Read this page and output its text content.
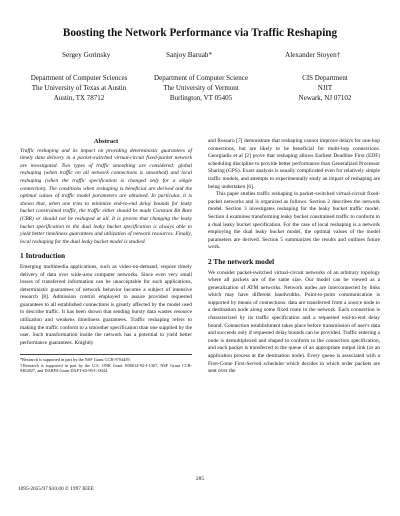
Boosting the Network Performance via Traffic Reshaping
Sergey Gorinsky	Sanjoy Baruah*	Alexander Stoyen†
Department of Computer Sciences
The University of Texas at Austin
Austin, TX 78712
Department of Computer Science
The University of Vermont
Burlington, VT 05405
CIS Department
NJIT
Newark, NJ 07102
Abstract

Traffic reshaping and its impact on providing deterministic guarantees of timely data delivery in a packet-switched virtual-circuit fixed-packet network are investigated. Two types of traffic smoothing are considered: global reshaping (when traffic on all network connections is smoothed) and local reshaping (when the traffic specification is changed only for a single connection). The conditions when reshaping is beneficial are derived and the optimal values of traffic model parameters are obtained. In particular, it is shown that, when one tries to minimize end-to-end delay bounds for leaky bucket constrained traffic, the traffic either should be made Constant Bit Rate (CBR) or should not be reshaped at all. It is proven that changing the leaky bucket specification to the dual leaky bucket specification is always able to yield better timeliness guarantees and utilization of network resources. Finally, local reshaping for the dual leaky bucket model is studied.

1 Introduction

Emerging multimedia applications, such as video-on-demand, require timely delivery of data over wide-area computer networks. Since even very small losses of transferred information can be unacceptable for such applications, deterministic guarantees of network behavior become a subject of intensive research [8]. Admission control employed to assure provided requested guarantees to all established connections is greatly affected by the model used to describe traffic. It has been shown that sending bursty data wastes resource utilization and weakens timeliness guarantees. Traffic reshaping refers to making the traffic conform to a smoother specification than one supplied by the user. Such transformation inside the network has a potential to yield better performance guarantees. Knightly

*Research is supported in part by the NSF Grant CCR-9704459.

†Research is supported in part by the U.S. ONR Grant N00014-92-J-1367, NSF Grant CCR-9402827, and DARPA Grant DAFT-63-96-C-0044.

and Rossaro [7] demonstrate that reshaping cannot improve delays for one-hop connections, but are likely to be beneficial for multi-hop connections. Georgiadis et al [2] prove that reshaping allows Earliest Deadline First (EDF) scheduling discipline to provide better performance than Generalized Processor Sharing (GPS). Exact analysis is usually complicated even for relatively simple traffic models, and attempts to experimentally study an impact of reshaping are being undertaken [6].

This paper studies traffic reshaping in packet-switched virtual-circuit fixed-packet networks and is organized as follows. Section 2 describes the network model. Section 3 investigates reshaping for the leaky bucket traffic model. Section 4 examines transforming leaky bucket constrained traffic to conform to a dual leaky bucket specification. For the case of local reshaping is a network employing the dual leaky bucket model, the optimal values of the model parameters are derived. Section 5 summarizes the results and outlines future work.

2 The network model

We consider packet-switched virtual-circuit networks of an arbitrary topology where all packets are of the same size. Our model can be viewed as a generalization of ATM networks. Network nodes are interconnected by links which may have different bandwidths. Point-to-point communication is supported by means of connections: data are transferred from a source node to a destination node along some fixed route in the network. Each connection is characterized by its traffic specification and a requested end-to-end delay bound. Connection establishment takes place before transmission of user's data and succeeds only if requested delay bounds can be provided. Traffic entering a node is demultiplexed and shaped to conform to the connection specification, and each packet is transferred to the queue of an appropriate output link (or an application process at the destination node). Every queue is associated with a First-Come First-Served scheduler which decides in which order packets are sent over the

285
1095-2055/97 $10.00 © 1997 IEEE
